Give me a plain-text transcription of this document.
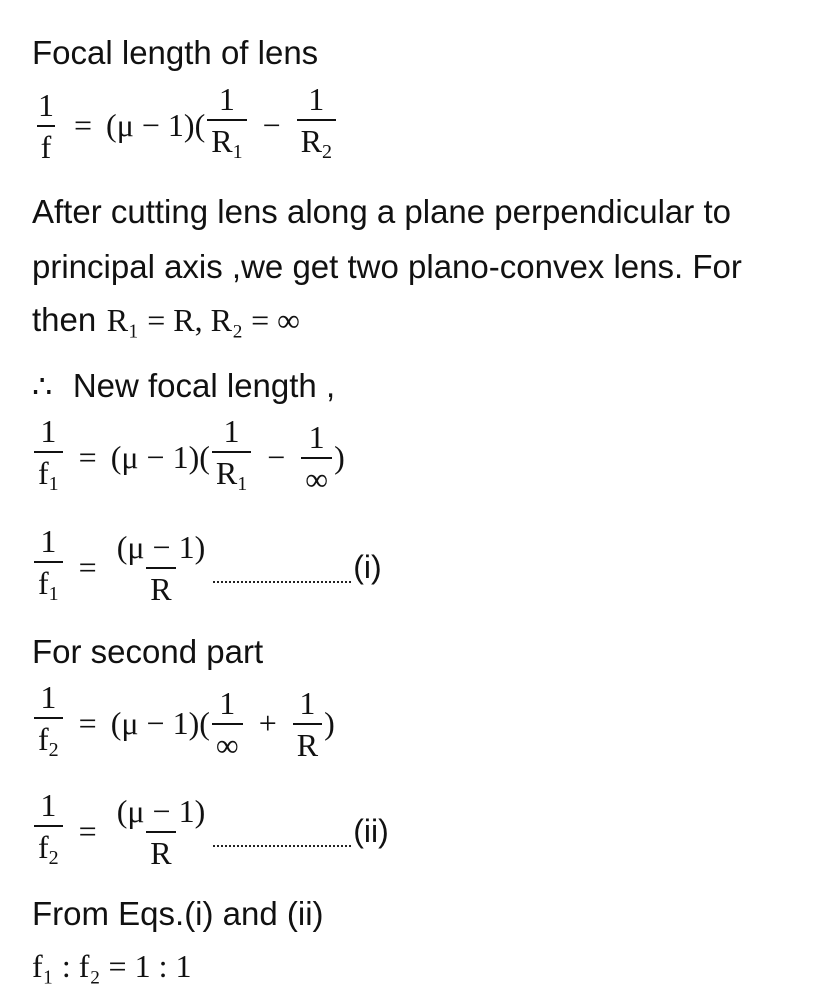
Focal length of lens
$\frac{1}{f} = (\mu - 1)( \frac{1}{R_1} - \frac{1}{R_2}$
After cutting lens along a plane perpendicular to
principal axis ,we get two plano-convex lens. For
then R₁ = R, R₂ = ∞
∴ New focal length ,
$\frac{1}{f_1} = (\mu - 1)( \frac{1}{R_1} - \frac{1}{\infty}$ )
$\frac{1}{f_1} = \frac{(\mu - 1)}{R}$	(i)
For second part
$\frac{1}{f_2} = (\mu - 1)( \frac{1}{\infty} + \frac{1}{R}$ )
$\frac{1}{f_2} = \frac{(\mu - 1)}{R}$	(ii)
From Eqs.(i) and (ii)
f₁ : f₂ = 1 : 1
